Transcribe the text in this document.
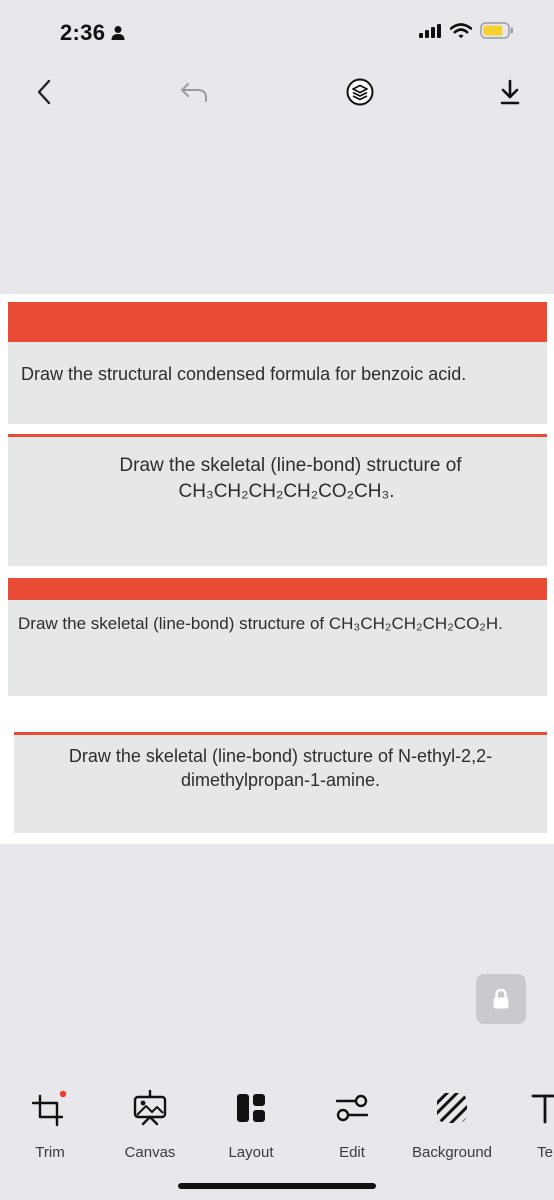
2:36
Draw the structural condensed formula for benzoic acid.
Draw the skeletal (line-bond) structure of
CH₃CH₂CH₂CH₂CO₂CH₃.
Draw the skeletal (line-bond) structure of CH₃CH₂CH₂CH₂CO₂H.
Draw the skeletal (line-bond) structure of N-ethyl-2,2-
dimethylpropan-1-amine.
Trim	Canvas	Layout	Edit	Background	Te
